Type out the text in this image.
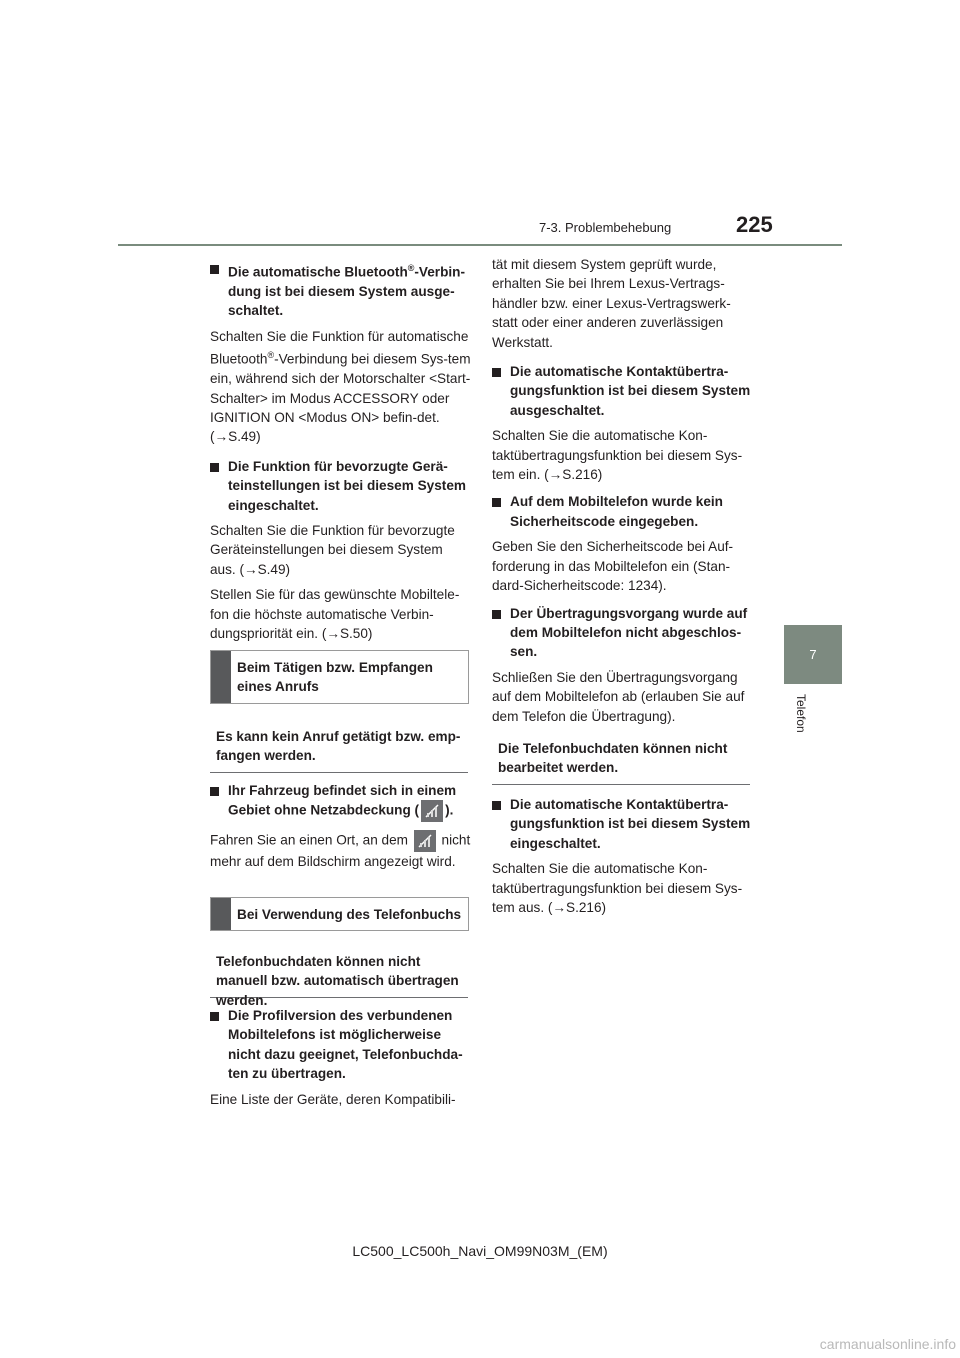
7-3. Problembehebung	225
7
Telefon
Die automatische Bluetooth®-Verbin-dung ist bei diesem System ausge-schaltet.

Schalten Sie die Funktion für automatische Bluetooth®-Verbindung bei diesem Sys-tem ein, während sich der Motorschalter <Start-Schalter> im Modus ACCESSORY oder IGNITION ON <Modus ON> befin-det. (→S.49)

Die Funktion für bevorzugte Gerä-teinstellungen ist bei diesem System eingeschaltet.

Schalten Sie die Funktion für bevorzugte Geräteinstellungen bei diesem System aus. (→S.49)

Stellen Sie für das gewünschte Mobiltele-fon die höchste automatische Verbin-dungspriorität ein. (→S.50)

Beim Tätigen bzw. Empfangen eines Anrufs
Es kann kein Anruf getätigt bzw. emp-fangen werden.
Ihr Fahrzeug befindet sich in einem Gebiet ohne Netzabdeckung ( ).

Fahren Sie an einen Ort, an dem nicht mehr auf dem Bildschirm angezeigt wird.

Bei Verwendung des Telefonbuchs
Telefonbuchdaten können nicht manuell bzw. automatisch übertragen werden.
Die Profilversion des verbundenen Mobiltelefons ist möglicherweise nicht dazu geeignet, Telefonbuchda-ten zu übertragen.

Eine Liste der Geräte, deren Kompatibili-

tät mit diesem System geprüft wurde, erhalten Sie bei Ihrem Lexus-Vertrags-händler bzw. einer Lexus-Vertragswerk-statt oder einer anderen zuverlässigen Werkstatt.

Die automatische Kontaktübertra-gungsfunktion ist bei diesem System ausgeschaltet.

Schalten Sie die automatische Kon-taktübertragungsfunktion bei diesem Sys-tem ein. (→S.216)

Auf dem Mobiltelefon wurde kein Sicherheitscode eingegeben.

Geben Sie den Sicherheitscode bei Auf-forderung in das Mobiltelefon ein (Stan-dard-Sicherheitscode: 1234).

Der Übertragungsvorgang wurde auf dem Mobiltelefon nicht abgeschlos-sen.

Schließen Sie den Übertragungsvorgang auf dem Mobiltelefon ab (erlauben Sie auf dem Telefon die Übertragung).

Die Telefonbuchdaten können nicht bearbeitet werden.
Die automatische Kontaktübertra-gungsfunktion ist bei diesem System eingeschaltet.

Schalten Sie die automatische Kon-taktübertragungsfunktion bei diesem Sys-tem aus. (→S.216)

LC500_LC500h_Navi_OM99N03M_(EM)
carmanualsonline.info
